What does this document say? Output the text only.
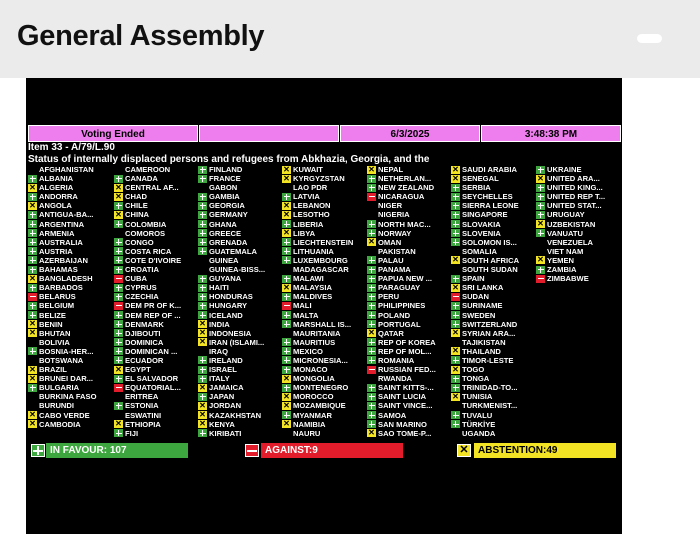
General Assembly
Voting Ended	6/3/2025	3:48:38 PM
Item 33 - A/79/L.90
Status of internally displaced persons and refugees from Abkhazia, Georgia, and the
AFGHANISTAN
ALBANIA
✕ ALGERIA
ANDORRA
✕ ANGOLA
ANTIGUA-BA...
ARGENTINA
ARMENIA
AUSTRALIA
AUSTRIA
AZERBAIJAN
BAHAMAS
✕ BANGLADESH
BARBADOS
BELARUS
BELGIUM
BELIZE
✕ BENIN
✕ BHUTAN
BOLIVIA
BOSNIA-HER...
BOTSWANA
✕ BRAZIL
✕ BRUNEI DAR...
BULGARIA
BURKINA FASO
BURUNDI
✕ CABO VERDE
✕ CAMBODIA
CAMEROON
CANADA
✕ CENTRAL AF...
✕ CHAD
CHILE
✕ CHINA
COLOMBIA
COMOROS
CONGO
COSTA RICA
COTE D'IVOIRE
CROATIA
CUBA
CYPRUS
CZECHIA
DEM PR OF K...
DEM REP OF ...
DENMARK
DJIBOUTI
DOMINICA
DOMINICAN ...
ECUADOR
✕ EGYPT
EL SALVADOR
EQUATORIAL...
ERITREA
ESTONIA
ESWATINI
✕ ETHIOPIA
FIJI
FINLAND
FRANCE
GABON
GAMBIA
GEORGIA
GERMANY
GHANA
GREECE
GRENADA
GUATEMALA
GUINEA
GUINEA-BISS...
GUYANA
HAITI
HONDURAS
HUNGARY
ICELAND
✕ INDIA
✕ INDONESIA
✕ IRAN (ISLAMI...
IRAQ
IRELAND
ISRAEL
ITALY
✕ JAMAICA
JAPAN
✕ JORDAN
✕ KAZAKHSTAN
✕ KENYA
KIRIBATI
✕ KUWAIT
✕ KYRGYZSTAN
LAO PDR
LATVIA
✕ LEBANON
✕ LESOTHO
LIBERIA
✕ LIBYA
LIECHTENSTEIN
LITHUANIA
LUXEMBOURG
MADAGASCAR
MALAWI
✕ MALAYSIA
MALDIVES
MALI
MALTA
MARSHALL IS...
MAURITANIA
MAURITIUS
MEXICO
MICRONESIA...
MONACO
✕ MONGOLIA
MONTENEGRO
✕ MOROCCO
✕ MOZAMBIQUE
MYANMAR
✕ NAMIBIA
NAURU
✕ NEPAL
NETHERLAN...
NEW ZEALAND
NICARAGUA
NIGER
NIGERIA
NORTH MAC...
NORWAY
✕ OMAN
PAKISTAN
PALAU
PANAMA
PAPUA NEW ...
PARAGUAY
PERU
PHILIPPINES
POLAND
PORTUGAL
✕ QATAR
REP OF KOREA
REP OF MOL...
ROMANIA
RUSSIAN FED...
RWANDA
SAINT KITTS-...
SAINT LUCIA
SAINT VINCE...
SAMOA
SAN MARINO
✕ SAO TOME-P...
✕ SAUDI ARABIA
✕ SENEGAL
SERBIA
SEYCHELLES
SIERRA LEONE
SINGAPORE
SLOVAKIA
SLOVENIA
SOLOMON IS...
SOMALIA
✕ SOUTH AFRICA
SOUTH SUDAN
SPAIN
✕ SRI LANKA
SUDAN
SURINAME
SWEDEN
SWITZERLAND
✕ SYRIAN ARA...
TAJIKISTAN
✕ THAILAND
TIMOR-LESTE
✕ TOGO
TONGA
TRINIDAD-TO...
✕ TUNISIA
TURKMENIST...
TUVALU
TÜRKİYE
UGANDA
UKRAINE
✕ UNITED ARA...
UNITED KING...
UNITED REP T...
UNITED STAT...
URUGUAY
✕ UZBEKISTAN
VANUATU
VENEZUELA
VIET NAM
✕ YEMEN
ZAMBIA
ZIMBABWE
IN FAVOUR: 107	AGAINST:9	✕ ABSTENTION:49
